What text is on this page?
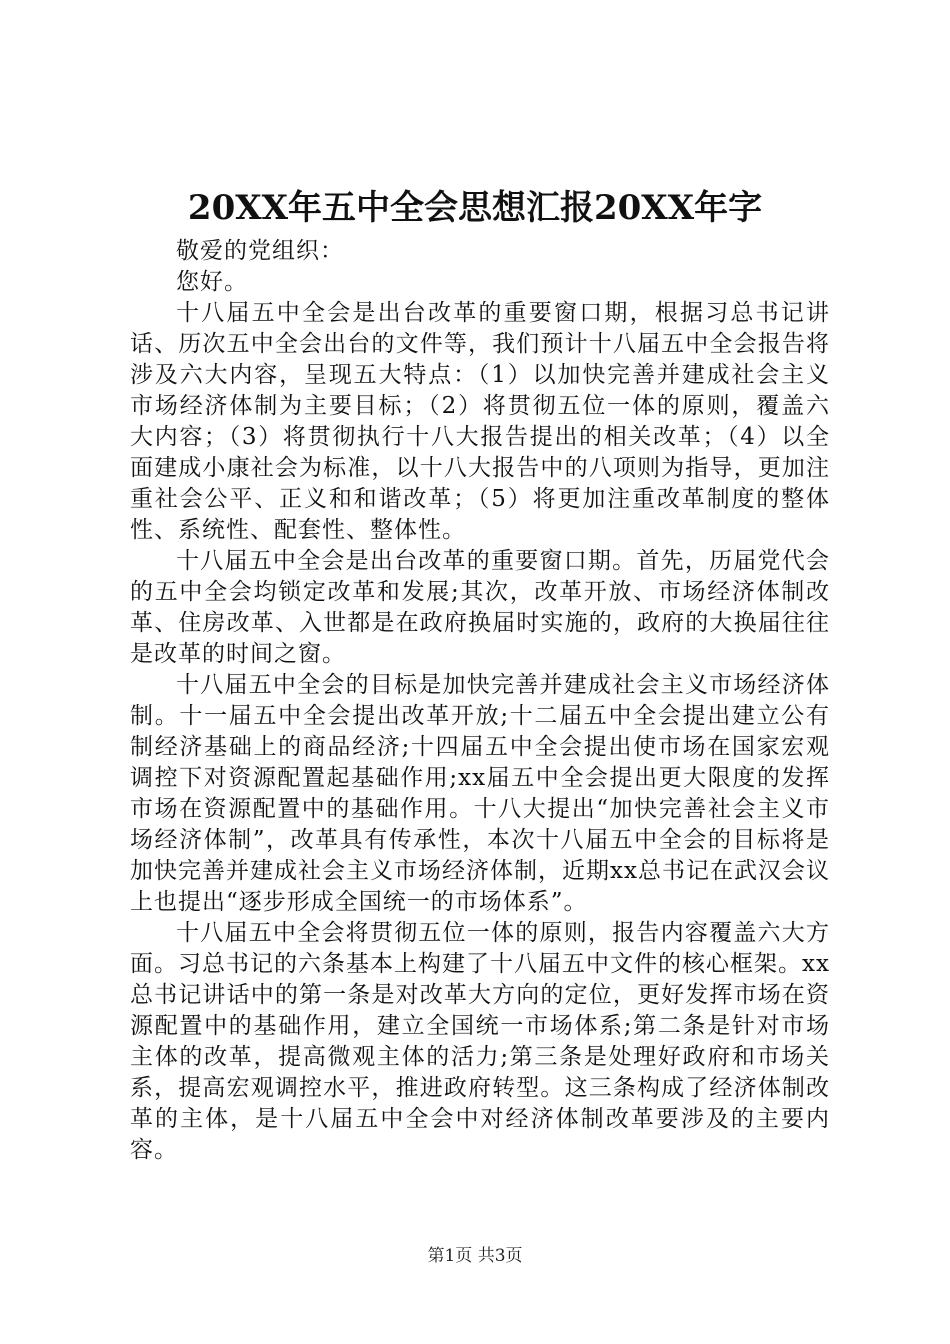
20XX年五中全会思想汇报20XX年字

敬爱的党组织：

您好。

十八届五中全会是出台改革的重要窗口期，根据习总书记讲话、历次五中全会出台的文件等，我们预计十八届五中全会报告将涉及六大内容，呈现五大特点：（1）以加快完善并建成社会主义市场经济体制为主要目标；（2）将贯彻五位一体的原则，覆盖六大内容；（3）将贯彻执行十八大报告提出的相关改革；（4）以全面建成小康社会为标准，以十八大报告中的八项则为指导，更加注重社会公平、正义和和谐改革；（5）将更加注重改革制度的整体性、系统性、配套性、整体性。

十八届五中全会是出台改革的重要窗口期。首先，历届党代会的五中全会均锁定改革和发展;其次，改革开放、市场经济体制改革、住房改革、入世都是在政府换届时实施的，政府的大换届往往是改革的时间之窗。

十八届五中全会的目标是加快完善并建成社会主义市场经济体制。十一届五中全会提出改革开放;十二届五中全会提出建立公有制经济基础上的商品经济;十四届五中全会提出使市场在国家宏观调控下对资源配置起基础作用;xx届五中全会提出更大限度的发挥市场在资源配置中的基础作用。十八大提出“加快完善社会主义市场经济体制”，改革具有传承性，本次十八届五中全会的目标将是加快完善并建成社会主义市场经济体制，近期xx总书记在武汉会议上也提出“逐步形成全国统一的市场体系”。

十八届五中全会将贯彻五位一体的原则，报告内容覆盖六大方面。习总书记的六条基本上构建了十八届五中文件的核心框架。xx总书记讲话中的第一条是对改革大方向的定位，更好发挥市场在资源配置中的基础作用，建立全国统一市场体系;第二条是针对市场主体的改革，提高微观主体的活力;第三条是处理好政府和市场关系，提高宏观调控水平，推进政府转型。这三条构成了经济体制改革的主体，是十八届五中全会中对经济体制改革要涉及的主要内容。

第1页 共3页
